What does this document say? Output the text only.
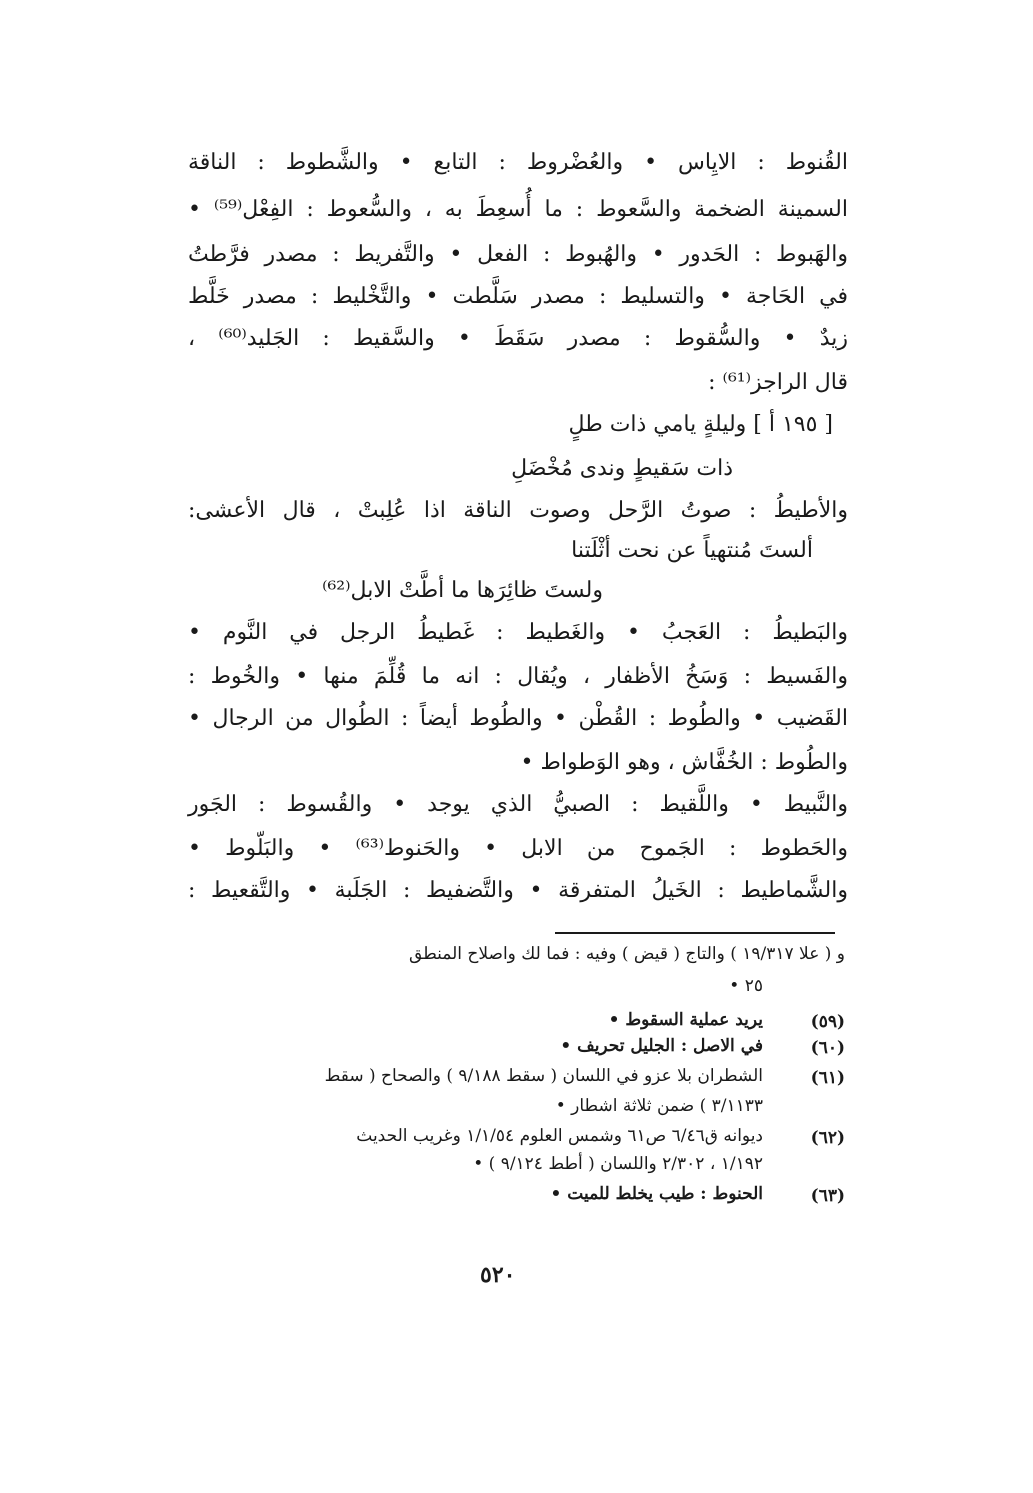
القُنوط : الايِاس • والعُضْروط : التابع • والشَّطوط : الناقة
السمينة الضخمة والسَّعوط : ما أُسعِطَ به ، والسُّعوط : الفِعْل⁽⁵⁹⁾ •
والهَبوط : الحَدور • والهُبوط : الفعل • والتَّفريط : مصدر فرَّطتُ
في الحَاجة • والتسليط : مصدر سَلَّطت • والتَّخْليط : مصدر خَلَّط
زيدٌ • والسُّقوط : مصدر سَقَطَ • والسَّقيط : الجَليد⁽⁶⁰⁾ ،
قال الراجز⁽⁶¹⁾ :
[ ١٩٥ أ ] وليلةٍ يامي ذات طلٍ
ذات سَقيطٍ وندى مُخْضَلِ
والأطيطُ : صوتُ الرَّحل وصوت الناقة اذا عُلِبتْ ، قال الأعشى:
ألستَ مُنتهياً عن نحت أثْلَتنا
ولستَ ظائِرَها ما أطَّتْ الابل⁽⁶²⁾
والبَطيطُ : العَجبُ • والغَطيط : غَطيطُ الرجل في النَّوم •
والفَسيط : وَسَخُ الأظفار ، ويُقال : انه ما قُلِّمَ منها • والخُوط :
القَضيب • والطُوط : القُطْن • والطُوط أيضاً : الطُوال من الرجال •
والطُوط : الخُفَّاش ، وهو الوَطواط •
والنَّبيط • واللَّقيط : الصبيُّ الذي يوجد • والقُسوط : الجَور
والحَطوط : الجَموح من الابل • والحَنوط⁽⁶³⁾ • والبَلّوط •
والشَّماطيط : الخَيلُ المتفرقة • والتَّضفيط : الجَلَبة • والتَّقعيط :
و ( علا ١٩/٣١٧ ) والتاج ( قيض ) وفيه : فما لك واصلاح المنطق
٢٥ •
(٥٩)
يريد عملية السقوط •
(٦٠)
في الاصل : الجليل تحريف •
(٦١)
الشطران بلا عزو في اللسان ( سقط ٩/١٨٨ ) والصحاح ( سقط
٣/١١٣٣ ) ضمن ثلاثة اشطار •
(٦٢)
ديوانه ق٦/٤٦ ص٦١ وشمس العلوم ١/١/٥٤ وغريب الحديث
١/١٩٢ ، ٢/٣٠٢ واللسان ( أطط ٩/١٢٤ ) •
(٦٣)
الحنوط : طيب يخلط للميت •
٥٢٠
